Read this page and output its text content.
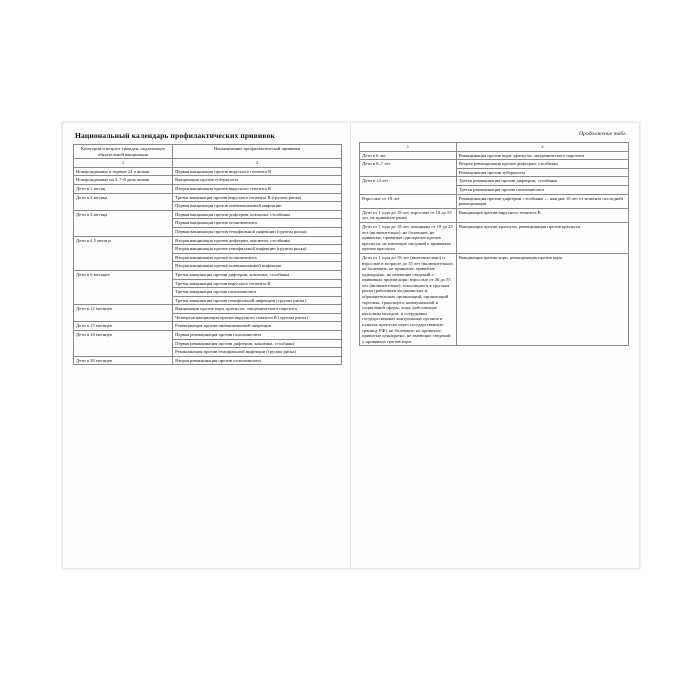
Национальный календарь профилактических прививок
Категории и возраст граждан, подлежащих обязательной вакцинации	Наименование профилактической прививки
1	2
Новорожденные в первые 24 ч жизни	Первая вакцинация против вирусного гепатита B
Новорожденные на 3–7-й день жизни	Вакцинация против туберкулеза
Дети в 1 месяц	Вторая вакцинация против вирусного гепатита B
Дети в 2 месяца	Третья вакцинация против вирусного гепатита B (группы риска)
	Первая вакцинация против пневмококковой инфекции
Дети в 3 месяца	Первая вакцинация против дифтерии, коклюша, столбняка
	Первая вакцинация против полиомиелита
	Первая вакцинация против гемофильной инфекции (группы риска)
Дети в 4,5 месяца	Вторая вакцинация против дифтерии, коклюша, столбняка
	Вторая вакцинация против гемофильной инфекции (группы риска)
	Вторая вакцинация против полиомиелита
	Вторая вакцинация против пневмококковой инфекции
Дети в 6 месяцев	Третья вакцинация против дифтерии, коклюша, столбняка
	Третья вакцинация против вирусного гепатита B
	Третья вакцинация против полиомиелита
	Третья вакцинация против гемофильной инфекции (группы риска)
Дети в 12 месяцев	Вакцинация против кори, краснухи, эпидемического паротита
	Четвертая вакцинация против вирусного гепатита B (группы риска)
Дети в 15 месяцев	Ревакцинация против пневмококковой инфекции
Дети в 18 месяцев	Первая ревакцинация против полиомиелита
	Первая ревакцинация против дифтерии, коклюша, столбняка
	Ревакцинация против гемофильной инфекции (группы риска)
Дети в 20 месяцев	Вторая ревакцинация против полиомиелита
Продолжение табл.
1	2
Дети в 6 лет	Ревакцинация против кори, краснухи, эпидемического паротита
Дети в 6–7 лет	Вторая ревакцинация против дифтерии, столбняка
	Ревакцинация против туберкулеза
Дети в 14 лет	Третья ревакцинация против дифтерии, столбняка
	Третья ревакцинация против полиомиелита
Взрослые от 18 лет	Ревакцинация против дифтерии, столбняка — каждые 10 лет от момента последней ревакцинации
Дети от 1 года до 18 лет, взрослые от 18 до 55 лет, не привитые ранее	Вакцинация против вирусного гепатита B
Дети от 1 года до 18 лет, женщины от 18 до 25 лет (включительно), не болевшие, не привитые, привитые однократно против краснухи, не имеющие сведений о прививках против краснухи	Вакцинация против краснухи, ревакцинация против краснухи
Дети от 1 года до 18 лет (включительно) и взрослые в возрасте до 35 лет (включительно); не болевшие, не привитые, привитые однократно, не имеющие сведений о прививках против кори; взрослые от 36 до 55 лет (включительно), относящиеся к группам риска (работники медицинских и образовательных организаций, организаций торговли, транспорта, коммунальной и социальной сферы; лица, работающие вахтовым методом, и сотрудники государственных контрольных органов в пунктах пропуска через государственную границу РФ), не болевшие, не привитые, привитые однократно, не имеющие сведений о прививках против кори	Вакцинация против кори, ревакцинация против кори
